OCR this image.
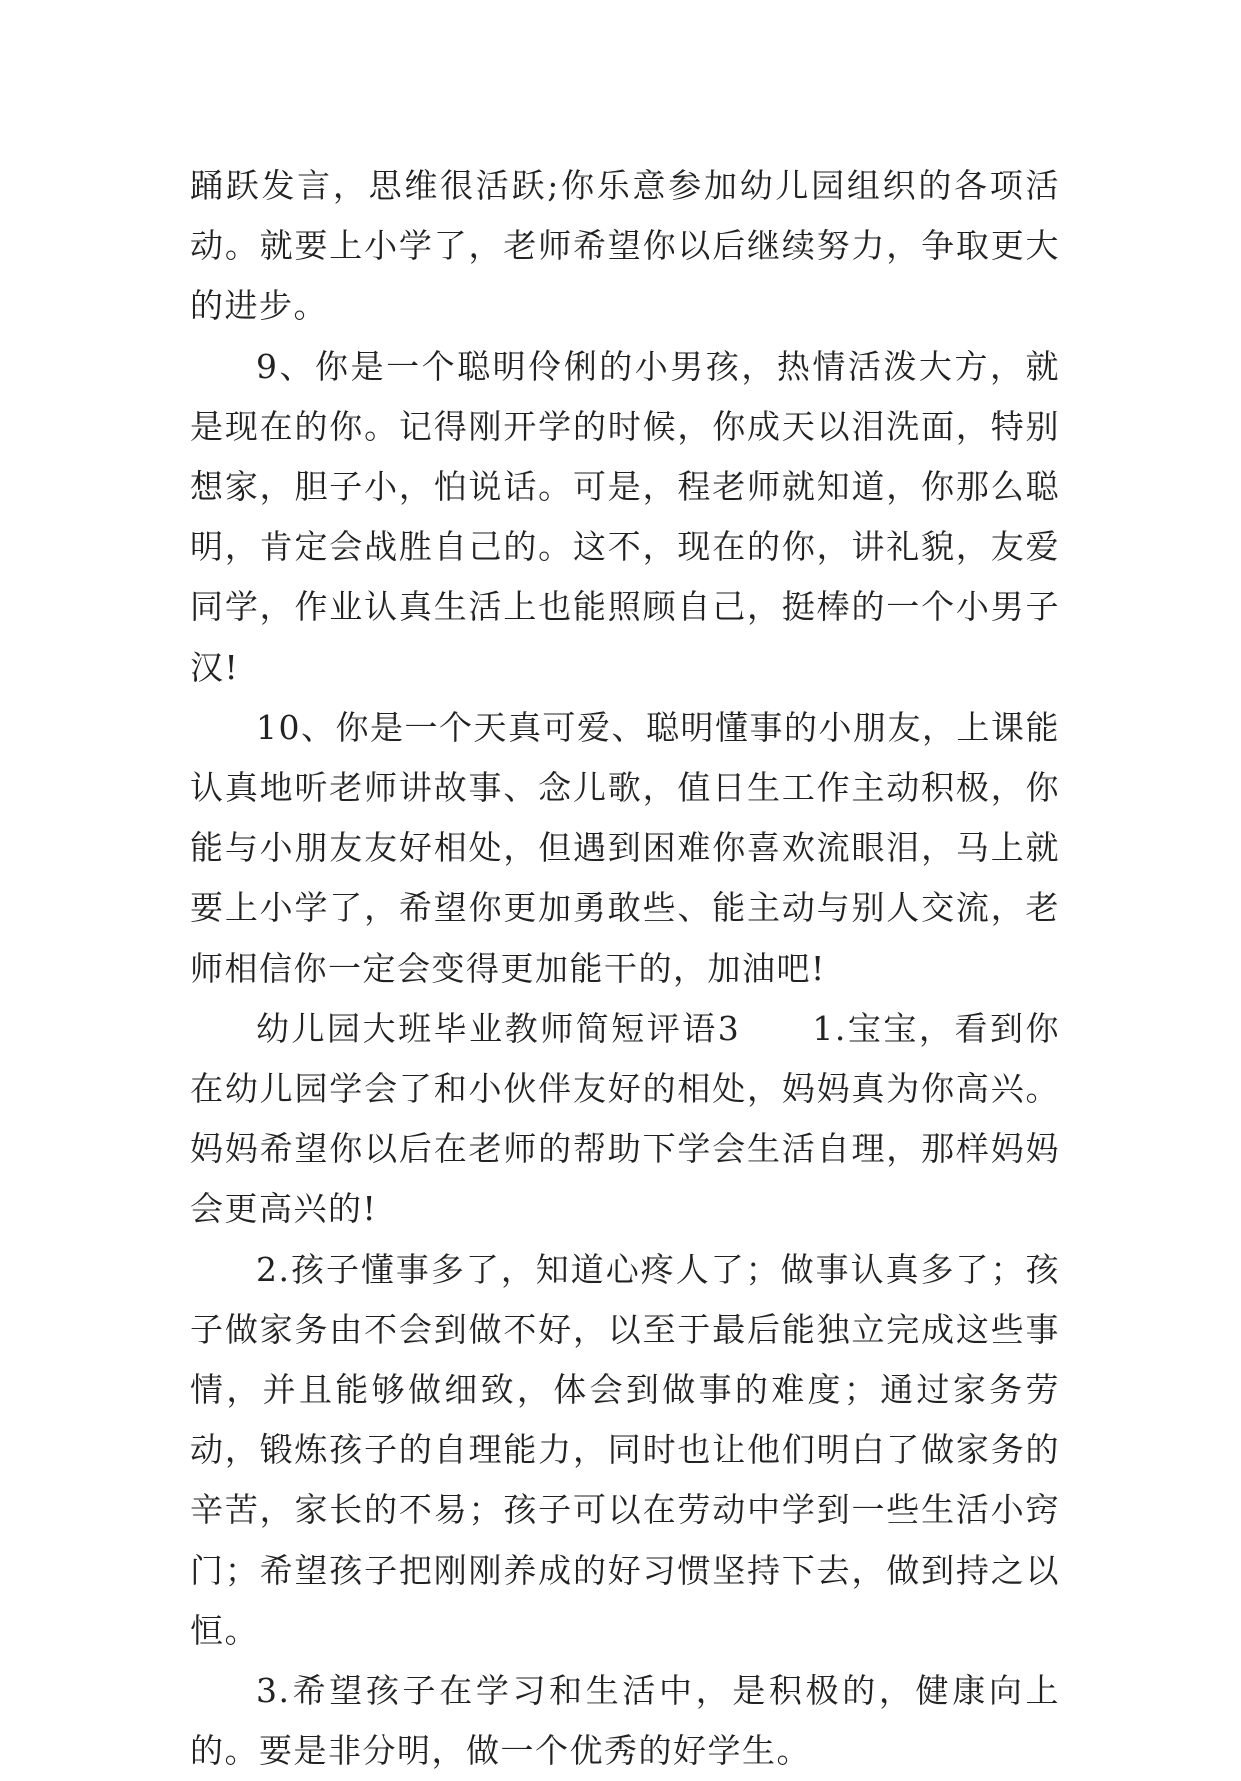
踊跃发言，思维很活跃;你乐意参加幼儿园组织的各项活动。就要上小学了，老师希望你以后继续努力，争取更大的进步。

9、你是一个聪明伶俐的小男孩，热情活泼大方，就是现在的你。记得刚开学的时候，你成天以泪洗面，特别想家，胆子小，怕说话。可是，程老师就知道，你那么聪明，肯定会战胜自己的。这不，现在的你，讲礼貌，友爱同学，作业认真生活上也能照顾自己，挺棒的一个小男子汉!

10、你是一个天真可爱、聪明懂事的小朋友，上课能认真地听老师讲故事、念儿歌，值日生工作主动积极，你能与小朋友友好相处，但遇到困难你喜欢流眼泪，马上就要上小学了，希望你更加勇敢些、能主动与别人交流，老师相信你一定会变得更加能干的，加油吧!

幼儿园大班毕业教师简短评语3　　1.宝宝，看到你在幼儿园学会了和小伙伴友好的相处，妈妈真为你高兴。妈妈希望你以后在老师的帮助下学会生活自理，那样妈妈会更高兴的!

2.孩子懂事多了，知道心疼人了；做事认真多了；孩子做家务由不会到做不好，以至于最后能独立完成这些事情，并且能够做细致，体会到做事的难度；通过家务劳动，锻炼孩子的自理能力，同时也让他们明白了做家务的辛苦，家长的不易；孩子可以在劳动中学到一些生活小窍门；希望孩子把刚刚养成的好习惯坚持下去，做到持之以恒。

3.希望孩子在学习和生活中，是积极的，健康向上的。要是非分明，做一个优秀的好学生。
